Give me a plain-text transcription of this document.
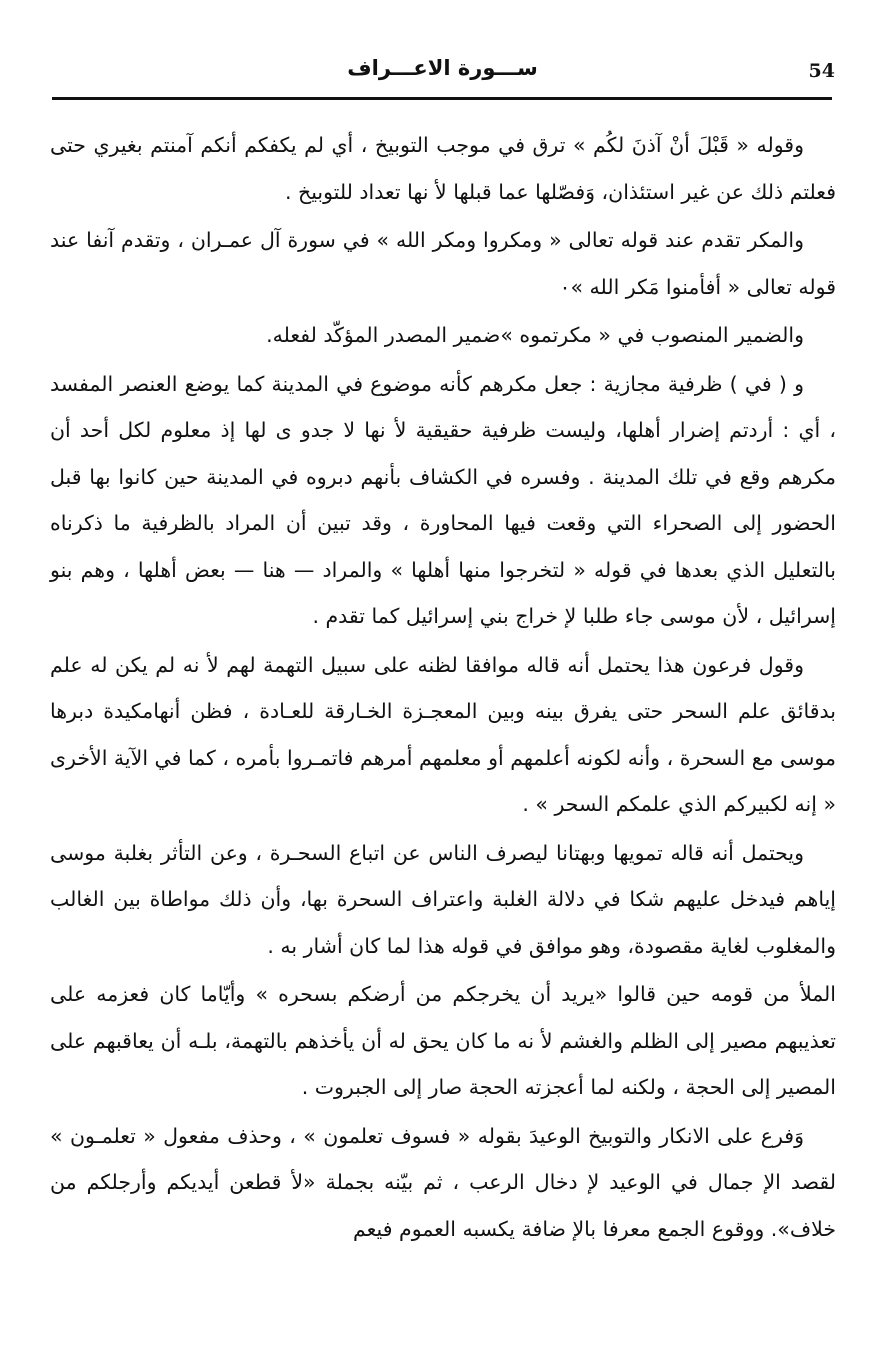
54
ســـورة الاعـــراف

وقوله « قَبْلَ أنْ آذنَ لكُم » ترق في موجب التوبيخ ، أي لم يكفكم أنكم آمنتم بغيري حتى فعلتم ذلك عن غير استئذان، وَفصّلها عما قبلها لأ نها تعداد للتوبيخ .

والمكر تقدم عند قوله تعالى « ومكروا ومكر الله » في سورة آل عمـران ، وتقدم آنفا عند قوله تعالى « أفأمنوا مَكر الله »٠

والضمير المنصوب في « مكرتموه »ضمير المصدر المؤكّد لفعله.

و ( في ) ظرفية مجازية : جعل مكرهم كأنه موضوع في المدينة كما يوضع العنصر المفسد ، أي : أردتم إضرار أهلها، وليست ظرفية حقيقية لأ نها لا جدو ى لها إذ معلوم لكل أحد أن مكرهم وقع في تلك المدينة . وفسره في الكشاف بأنهم دبروه في المدينة حين كانوا بها قبل الحضور إلى الصحراء التي وقعت فيها المحاورة ، وقد تبين أن المراد بالظرفية ما ذكرناه بالتعليل الذي بعدها في قوله « لتخرجوا منها أهلها » والمراد — هنا — بعض أهلها ، وهم بنو إسرائيل ، لأن موسى جاء طلبا لإ خراج بني إسرائيل كما تقدم .

وقول فرعون هذا يحتمل أنه قاله موافقا لظنه على سبيل التهمة لهم لأ نه لم يكن له علم بدقائق علم السحر حتى يفرق بينه وبين المعجـزة الخـارقة للعـادة ، فظن أنهامكيدة دبرها موسى مع السحرة ، وأنه لكونه أعلمهم أو معلمهم أمرهم فاتمـروا بأمره ، كما في الآية الأخرى « إنه لكبيركم الذي علمكم السحر » .

ويحتمل أنه قاله تمويها وبهتانا ليصرف الناس عن اتباع السحـرة ، وعن التأثر بغلبة موسى إياهم فيدخل عليهم شكا في دلالة الغلبة واعتراف السحرة بها، وأن ذلك مواطاة بين الغالب والمغلوب لغاية مقصودة، وهو موافق في قوله هذا لما كان أشار به .

الملأ من قومه حين قالوا «يريد أن يخرجكم من أرضكم بسحره » وأيّاما كان فعزمه على تعذيبهم مصير إلى الظلم والغشم لأ نه ما كان يحق له أن يأخذهم بالتهمة، بلـه أن يعاقبهم على المصير إلى الحجة ، ولكنه لما أعجزته الحجة صار إلى الجبروت .

وَفرع على الانكار والتوبيخ الوعيدَ بقوله « فسوف تعلمون » ، وحذف مفعول « تعلمـون » لقصد الإ جمال في الوعيد لإ دخال الرعب ، ثم بيّنه بجملة «لأ قطعن أيديكم وأرجلكم من خلاف». ووقوع الجمع معرفا بالإ ضافة يكسبه العموم فيعم
